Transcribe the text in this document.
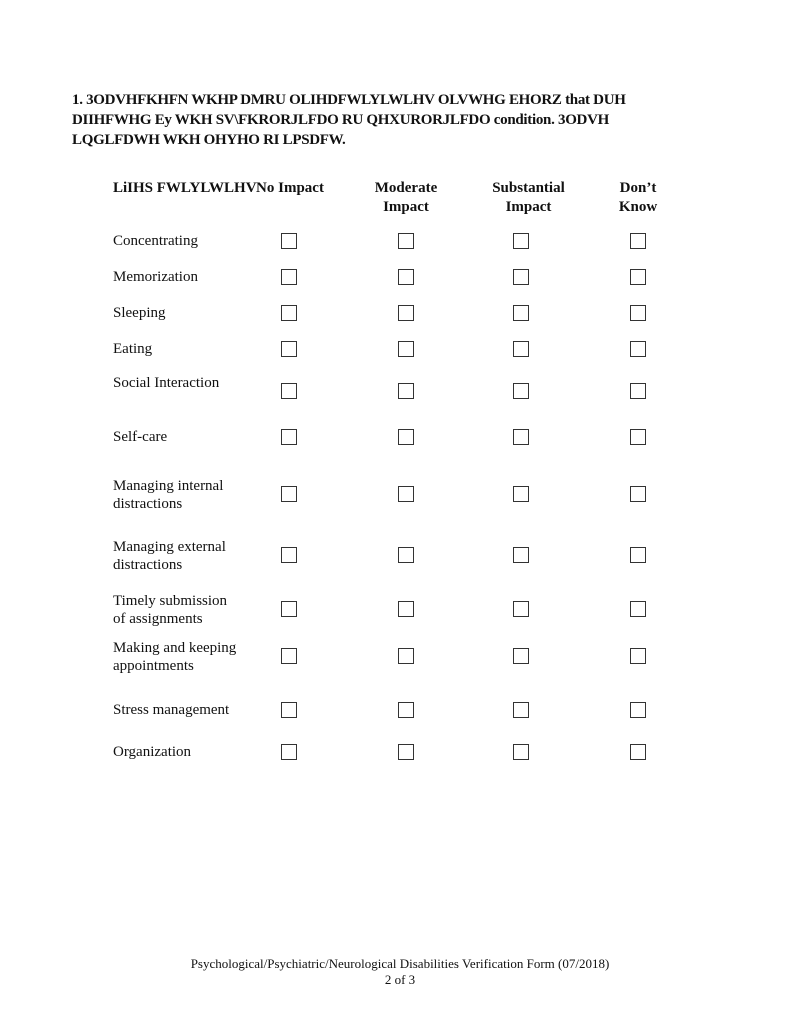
1. 3ODVHFKHFN WKHP DMRU OLIHDFWLYLWLHV OLVWHG EHORZ that DUH DIIHFWHG Ey WKH SV\FKRORJLFDO RU QHXURORJLFDO condition. 3ODVH LQGLFDWH WKH OHYHO RI LPSDFW.
LiIHS FWLYLWLHV No Impact	Moderate Impact
Substantial Impact
Don’t Know
Concentrating
Memorization
Sleeping
Eating
Social Interaction
Self-care
Managing internal distractions
Managing external distractions
Timely submission of assignments
Making and keeping appointments
Stress management
Organization
Psychological/Psychiatric/Neurological Disabilities Verification Form (07/2018)
2 of 3
